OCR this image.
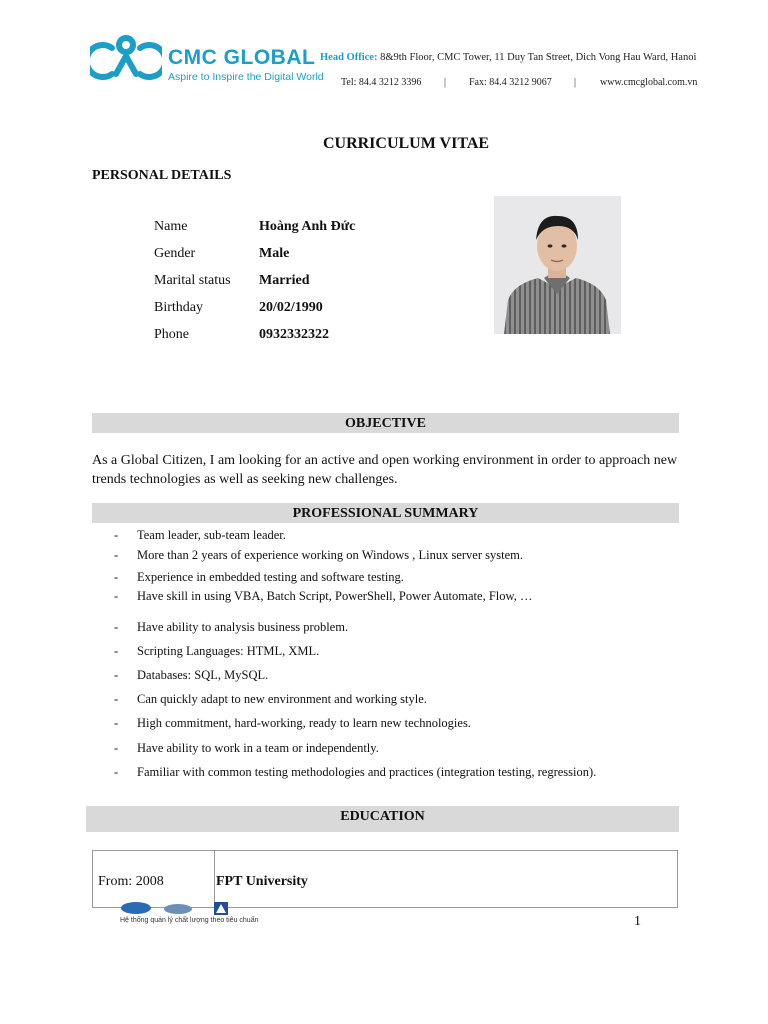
CMC GLOBAL
Aspire to Inspire the Digital World
Head Office: 8&9th Floor, CMC Tower, 11 Duy Tan Street, Dich Vong Hau Ward, Hanoi
Tel: 84.4 3212 3396 | Fax: 84.4 3212 9067 | www.cmcglobal.com.vn
CURRICULUM VITAE
PERSONAL DETAILS
Name	Hoàng Anh Đức
Gender	Male
Marital status	Married
Birthday	20/02/1990
Phone	0932332322
OBJECTIVE
As a Global Citizen, I am looking for an active and open working environment in order to approach new trends technologies as well as seeking new challenges.
PROFESSIONAL SUMMARY
- Team leader, sub-team leader.
- More than 2 years of experience working on Windows , Linux server system.
- Experience in embedded testing and software testing.
- Have skill in using VBA, Batch Script, PowerShell, Power Automate, Flow, …
- Have ability to analysis business problem.
- Scripting Languages: HTML, XML.
- Databases: SQL, MySQL.
- Can quickly adapt to new environment and working style.
- High commitment, hard-working, ready to learn new technologies.
- Have ability to work in a team or independently.
- Familiar with common testing methodologies and practices (integration testing, regression).
EDUCATION
From: 2008	FPT University
Hệ thống quản lý chất lượng theo tiêu chuẩn	1
